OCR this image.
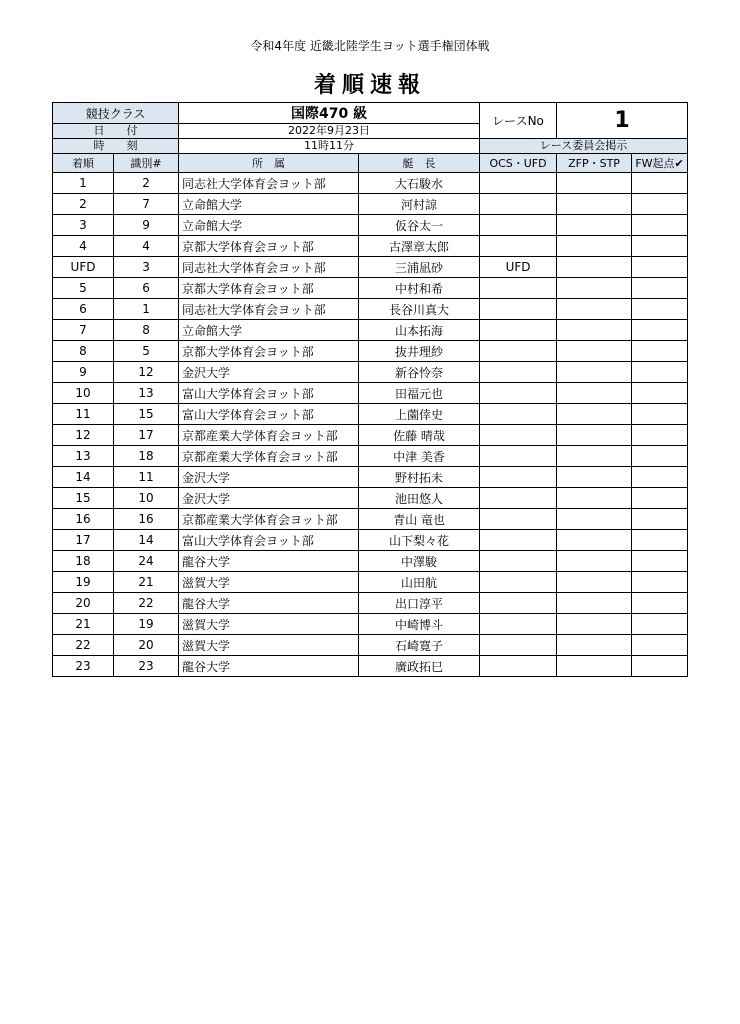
令和4年度 近畿北陸学生ヨット選手権団体戦
着順速報
競技クラス		国際470 級		レースNo	1	
日　　付		2022年9月23日				
時　　刻		11時11分		レース委員会掲示		
着順	識別#	所　属	艇　長	OCS・UFD	ZFP・STP	FW起点✔
1	2	同志社大学体育会ヨット部	大石駿水			
2	7	立命館大学	河村諒			
3	9	立命館大学	仮谷太一			
4	4	京都大学体育会ヨット部	古澤章太郎			
UFD	3	同志社大学体育会ヨット部	三浦凪砂	UFD		
5	6	京都大学体育会ヨット部	中村和希			
6	1	同志社大学体育会ヨット部	長谷川真大			
7	8	立命館大学	山本拓海			
8	5	京都大学体育会ヨット部	抜井理紗			
9	12	金沢大学	新谷怜奈			
10	13	富山大学体育会ヨット部	田福元也			
11	15	富山大学体育会ヨット部	上薗倖史			
12	17	京都産業大学体育会ヨット部	佐藤 晴哉			
13	18	京都産業大学体育会ヨット部	中津 美香			
14	11	金沢大学	野村拓未			
15	10	金沢大学	池田悠人			
16	16	京都産業大学体育会ヨット部	青山 竜也			
17	14	富山大学体育会ヨット部	山下梨々花			
18	24	龍谷大学	中澤駿			
19	21	滋賀大学	山田航			
20	22	龍谷大学	出口淳平			
21	19	滋賀大学	中崎博斗			
22	20	滋賀大学	石崎寛子			
23	23	龍谷大学	廣政拓巳			
